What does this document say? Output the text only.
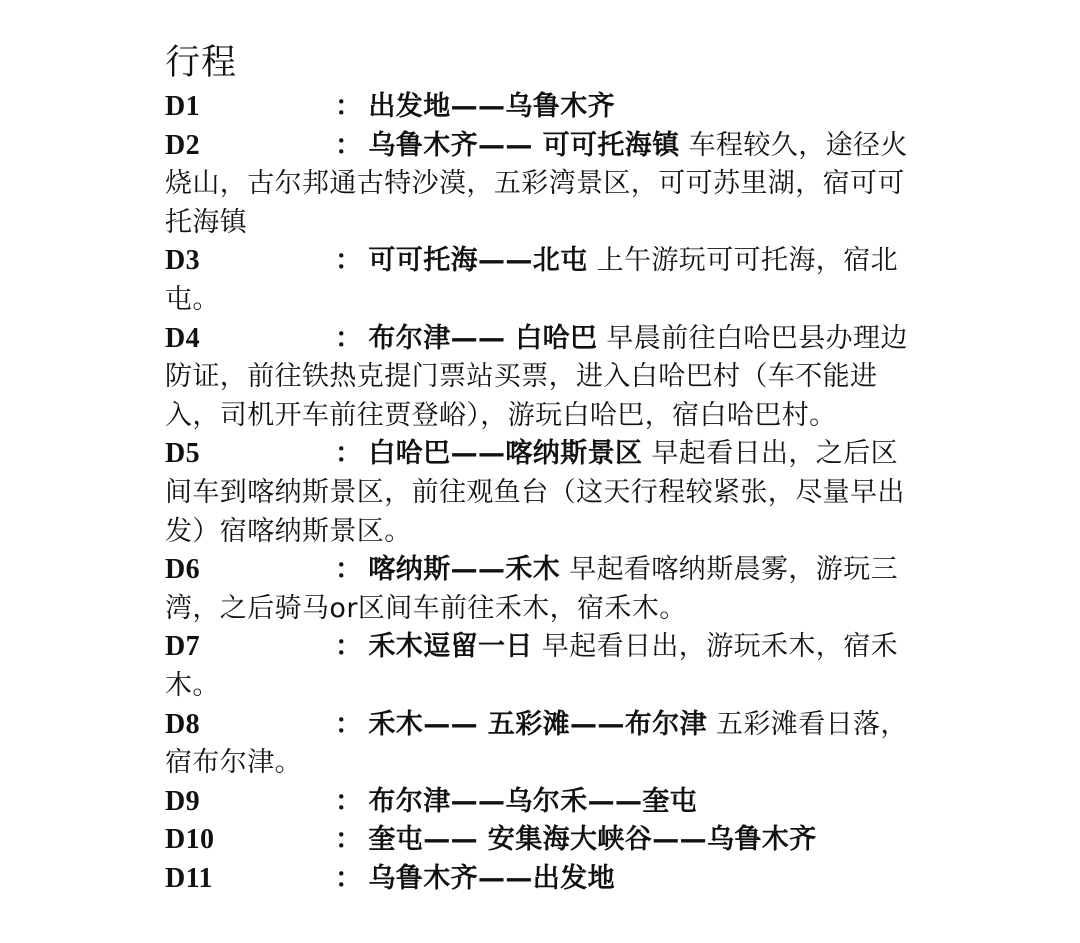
行程
D1	： 出发地——乌鲁木齐
D2	： 乌鲁木齐—— 可可托海镇 车程较久，途径火烧山，古尔邦通古特沙漠，五彩湾景区，可可苏里湖，宿可可托海镇
D3	： 可可托海——北屯 上午游玩可可托海，宿北屯。
D4	： 布尔津—— 白哈巴 早晨前往白哈巴县办理边防证，前往铁热克提门票站买票，进入白哈巴村（车不能进入，司机开车前往贾登峪），游玩白哈巴，宿白哈巴村。
D5	： 白哈巴——喀纳斯景区 早起看日出，之后区间车到喀纳斯景区，前往观鱼台（这天行程较紧张，尽量早出发）宿喀纳斯景区。
D6	： 喀纳斯——禾木 早起看喀纳斯晨雾，游玩三湾，之后骑马or区间车前往禾木，宿禾木。
D7	： 禾木逗留一日 早起看日出，游玩禾木，宿禾木。
D8	： 禾木—— 五彩滩——布尔津 五彩滩看日落，宿布尔津。
D9	： 布尔津——乌尔禾——奎屯
D10	： 奎屯—— 安集海大峡谷——乌鲁木齐
D11	： 乌鲁木齐——出发地
